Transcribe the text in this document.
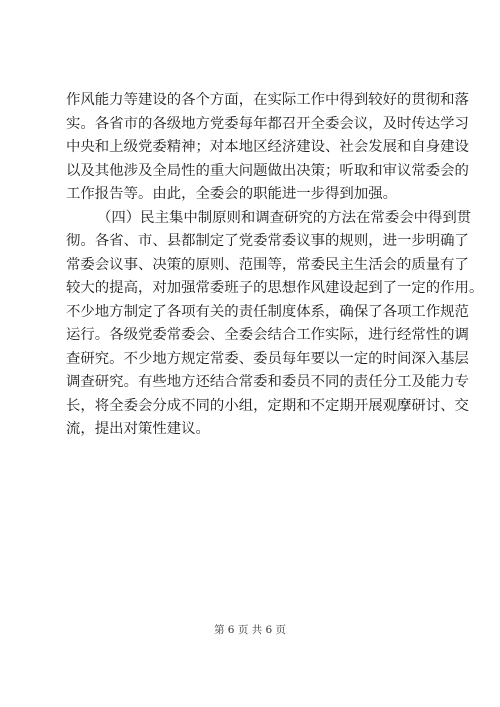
作风能力等建设的各个方面，在实际工作中得到较好的贯彻和落
实。各省市的各级地方党委每年都召开全委会议，及时传达学习
中央和上级党委精神；对本地区经济建设、社会发展和自身建设
以及其他涉及全局性的重大问题做出决策；听取和审议常委会的
工作报告等。由此，全委会的职能进一步得到加强。
（四）民主集中制原则和调查研究的方法在常委会中得到贯
彻。各省、市、县都制定了党委常委议事的规则，进一步明确了
常委会议事、决策的原则、范围等，常委民主生活会的质量有了
较大的提高，对加强常委班子的思想作风建设起到了一定的作用。
不少地方制定了各项有关的责任制度体系，确保了各项工作规范
运行。各级党委常委会、全委会结合工作实际，进行经常性的调
查研究。不少地方规定常委、委员每年要以一定的时间深入基层
调查研究。有些地方还结合常委和委员不同的责任分工及能力专
长，将全委会分成不同的小组，定期和不定期开展观摩研讨、交
流，提出对策性建议。
第 6 页 共 6 页
